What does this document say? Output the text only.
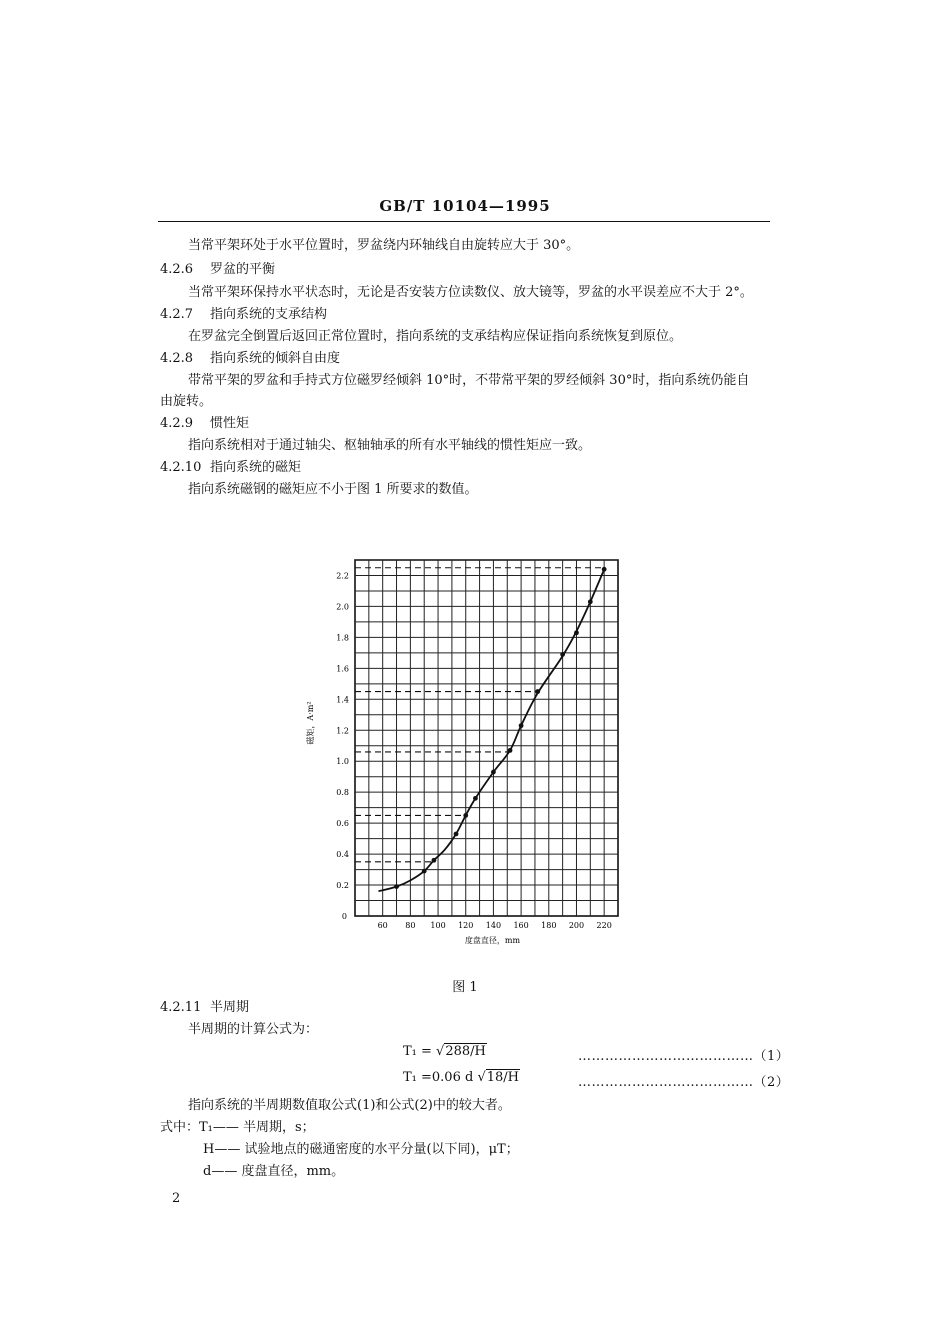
GB/T 10104—1995
当常平架环处于水平位置时，罗盆绕内环轴线自由旋转应大于 30°。
4.2.6 罗盆的平衡
当常平架环保持水平状态时，无论是否安装方位读数仪、放大镜等，罗盆的水平误差应不大于 2°。
4.2.7 指向系统的支承结构
在罗盆完全倒置后返回正常位置时，指向系统的支承结构应保证指向系统恢复到原位。
4.2.8 指向系统的倾斜自由度
带常平架的罗盆和手持式方位磁罗经倾斜 10°时，不带常平架的罗经倾斜 30°时，指向系统仍能自
由旋转。
4.2.9 惯性矩
指向系统相对于通过轴尖、枢轴轴承的所有水平轴线的惯性矩应一致。
4.2.10 指向系统的磁矩
指向系统磁钢的磁矩应不小于图 1 所要求的数值。
0.2
0.4
0.6
0.8
1.0
1.2
1.4
1.6
1.8
2.0
2.2
60 80 100 120 140 160 180 200 220
0
磁矩，A·m²
度盘直径，mm
图 1
4.2.11 半周期
半周期的计算公式为：
T₁ = √288/H	…………………………………（1）
T₁ =0.06 d √18/H	…………………………………（2）
指向系统的半周期数值取公式(1)和公式(2)中的较大者。
式中：T₁—— 半周期，s；
H—— 试验地点的磁通密度的水平分量(以下同)，μT；
d—— 度盘直径，mm。
2
